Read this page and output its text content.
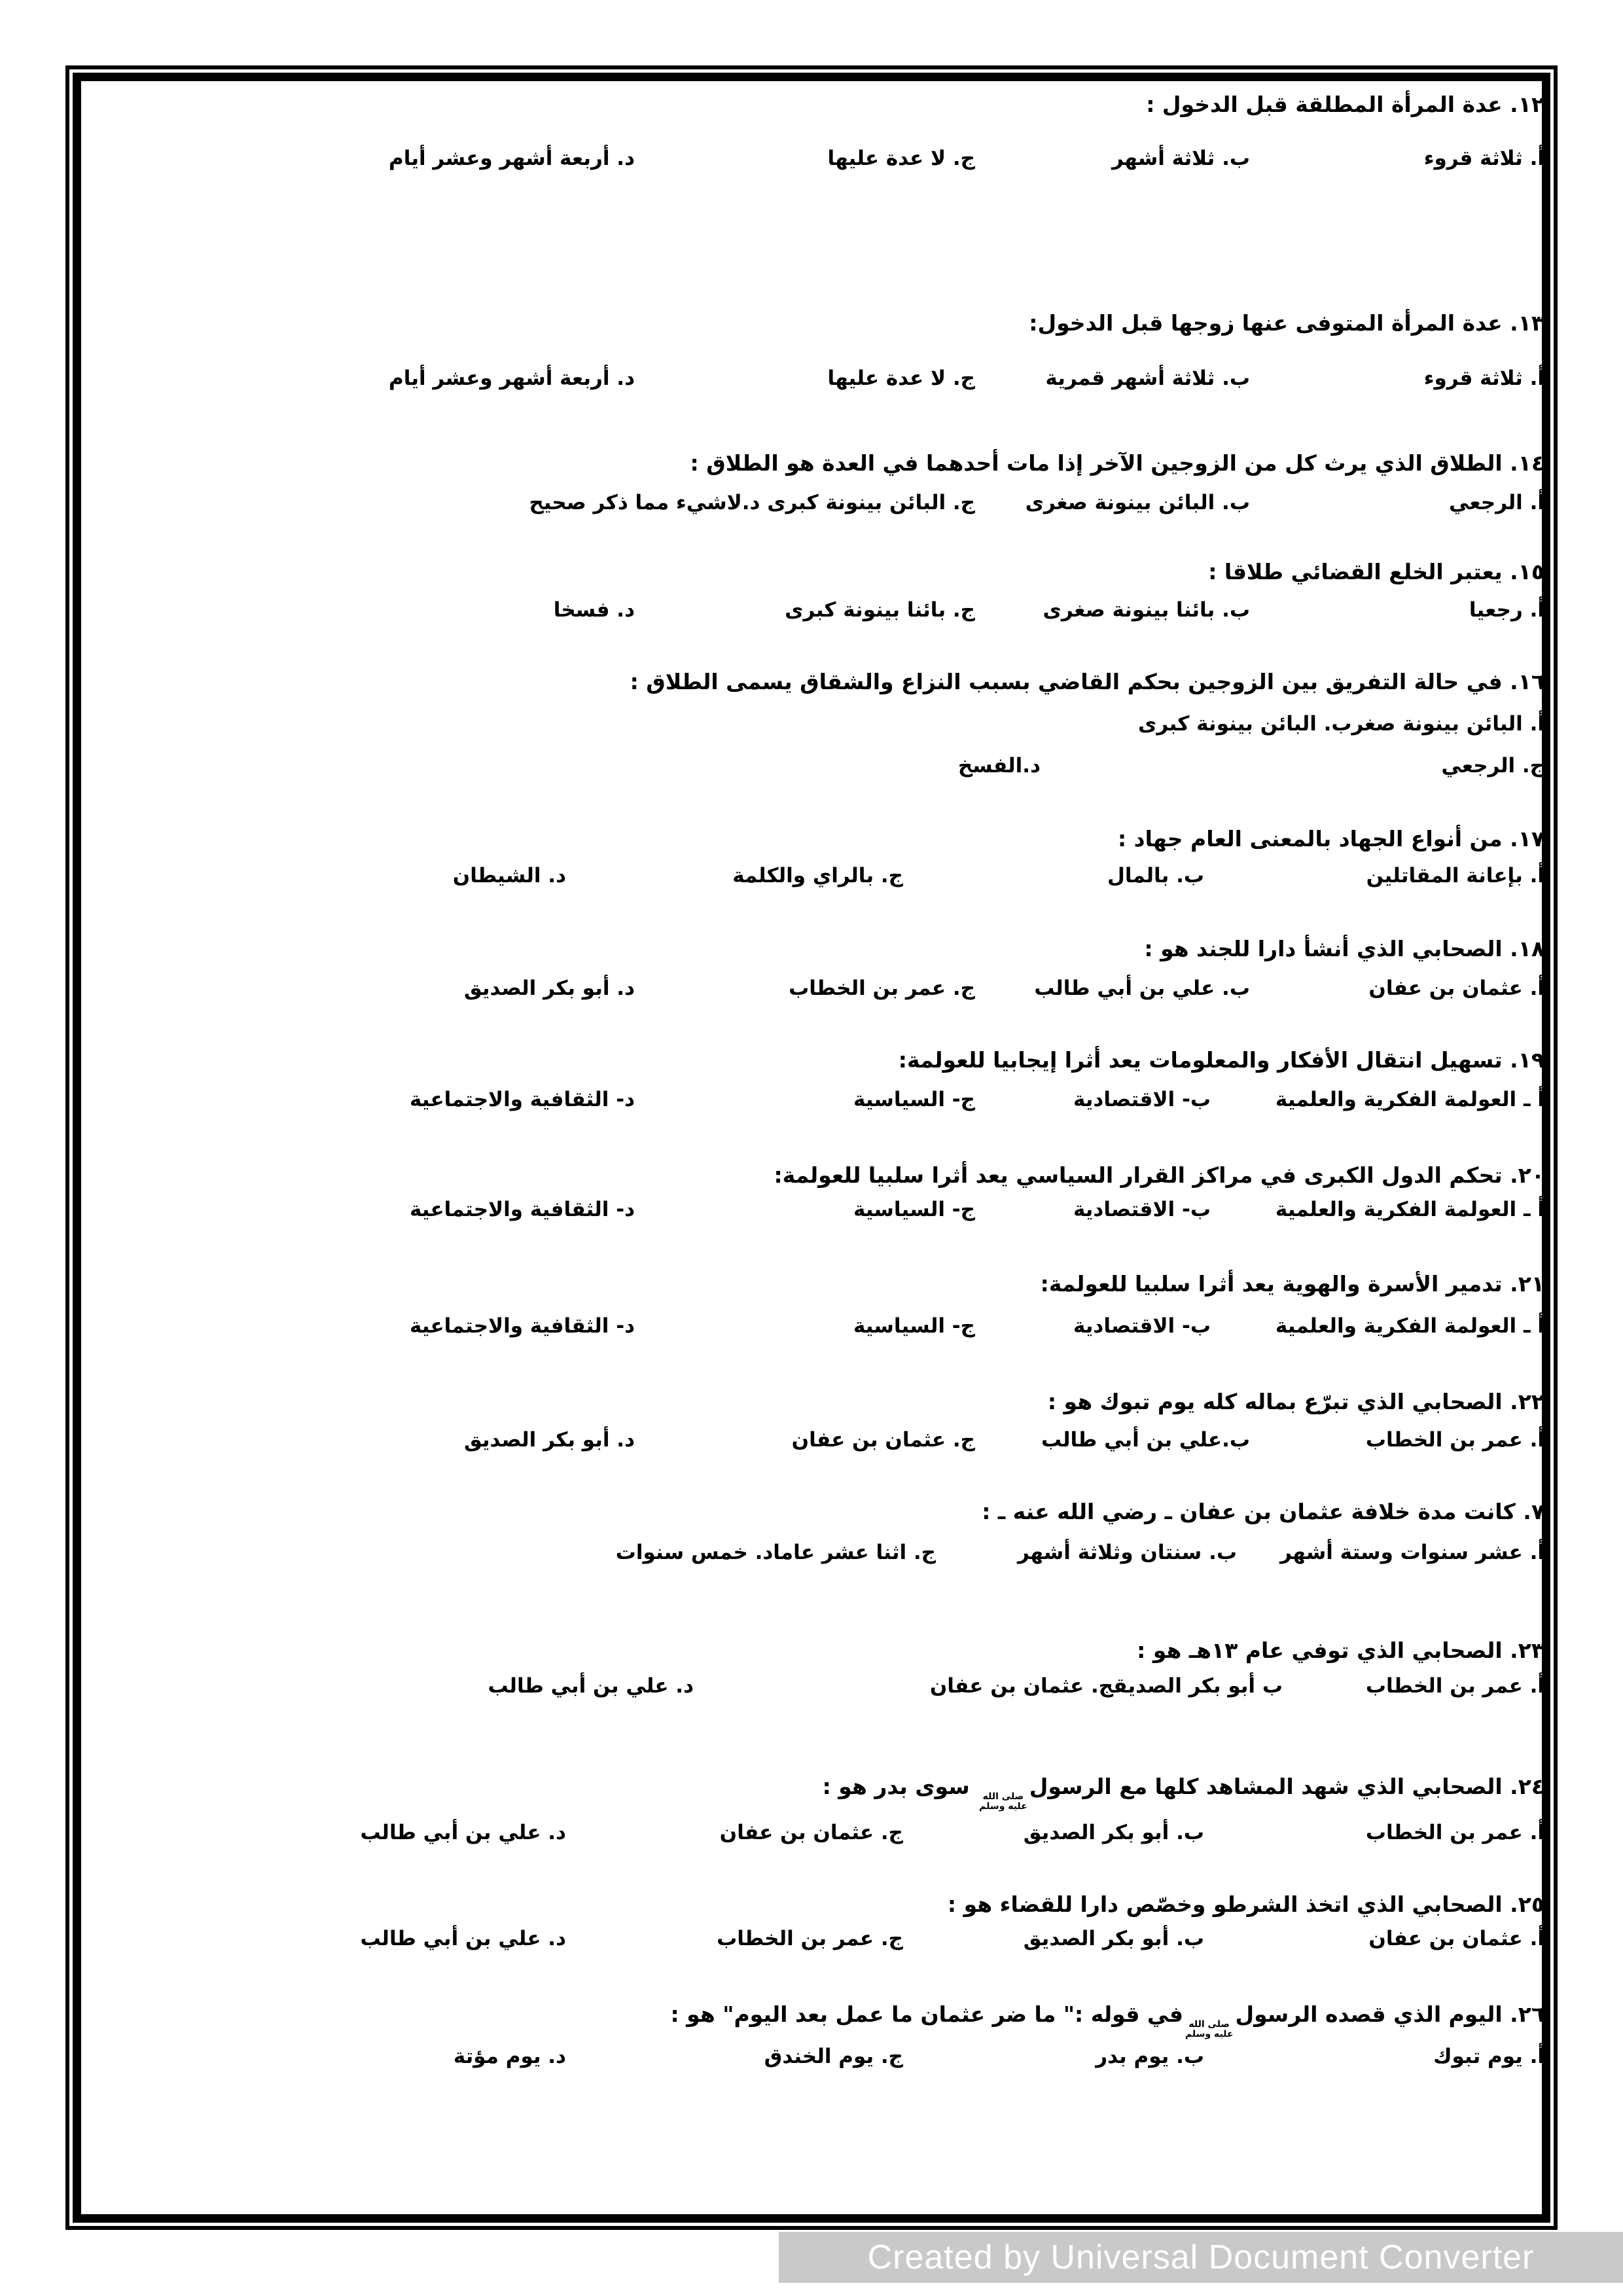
١٢. عدة المرأة المطلقة قبل الدخول :
أ. ثلاثة قروء
ب. ثلاثة أشهر
ج. لا عدة عليها
د. أربعة أشهر وعشر أيام
١٣. عدة المرأة المتوفى عنها زوجها قبل الدخول:
أ. ثلاثة قروء
ب. ثلاثة أشهر قمرية
ج. لا عدة عليها
د. أربعة أشهر وعشر أيام
١٤. الطلاق الذي يرث كل من الزوجين الآخر إذا مات أحدهما في العدة هو الطلاق :
أ. الرجعي
ب. البائن بينونة صغرى
ج. البائن بينونة كبرى د.لاشيء مما ذكر صحيح
١٥. يعتبر الخلع القضائي طلاقا :
أ. رجعيا
ب. بائنا بينونة صغرى
ج. بائنا بينونة كبرى
د. فسخا
١٦. في حالة التفريق بين الزوجين بحكم القاضي بسبب النزاع والشقاق يسمى الطلاق :
أ. البائن بينونة صغرب. البائن بينونة كبرى
ج. الرجعي
د.الفسخ
١٧. من أنواع الجهاد بالمعنى العام جهاد :
أ. بإعانة المقاتلين
ب. بالمال
ج. بالراي والكلمة
د. الشيطان
١٨. الصحابي الذي أنشأ دارا للجند هو :
أ. عثمان بن عفان
ب. علي بن أبي طالب
ج. عمر بن الخطاب
د. أبو بكر الصديق
١٩. تسهيل انتقال الأفكار والمعلومات يعد أثرا إيجابيا للعولمة:
أ ـ العولمة الفكرية والعلمية
ب- الاقتصادية
ج- السياسية
د- الثقافية والاجتماعية
٢٠. تحكم الدول الكبرى في مراكز القرار السياسي يعد أثرا سلبيا للعولمة:
أ ـ العولمة الفكرية والعلمية
ب- الاقتصادية
ج- السياسية
د- الثقافية والاجتماعية
٢١. تدمير الأسرة والهوية يعد أثرا سلبيا للعولمة:
أ ـ العولمة الفكرية والعلمية
ب- الاقتصادية
ج- السياسية
د- الثقافية والاجتماعية
٢٢. الصحابي الذي تبرّع بماله كله يوم تبوك هو :
أ. عمر بن الخطاب
ب.علي بن أبي طالب
ج. عثمان بن عفان
د. أبو بكر الصديق
٧. كانت مدة خلافة عثمان بن عفان ـ رضي الله عنه ـ :
أ. عشر سنوات وستة أشهر
ب. سنتان وثلاثة أشهر
ج. اثنا عشر عاماد. خمس سنوات
٢٣. الصحابي الذي توفي عام ١٣هـ هو :
أ. عمر بن الخطاب
ب أبو بكر الصديقج. عثمان بن عفان
د. علي بن أبي طالب
٢٤. الصحابي الذي شهد المشاهد كلها مع الرسول
صلى الله
عليه وسلم
سوى بدر هو :
أ. عمر بن الخطاب
ب. أبو بكر الصديق
ج. عثمان بن عفان
د. علي بن أبي طالب
٢٥. الصحابي الذي اتخذ الشرطو وخصّص دارا للقضاء هو :
أ. عثمان بن عفان
ب. أبو بكر الصديق
ج. عمر بن الخطاب
د. علي بن أبي طالب
٢٦. اليوم الذي قصده الرسول
صلى الله
عليه وسلم
في قوله :" ما ضر عثمان ما عمل بعد اليوم" هو :
أ. يوم تبوك
ب. يوم بدر
ج. يوم الخندق
د. يوم مؤتة
Created by Universal Document Converter
